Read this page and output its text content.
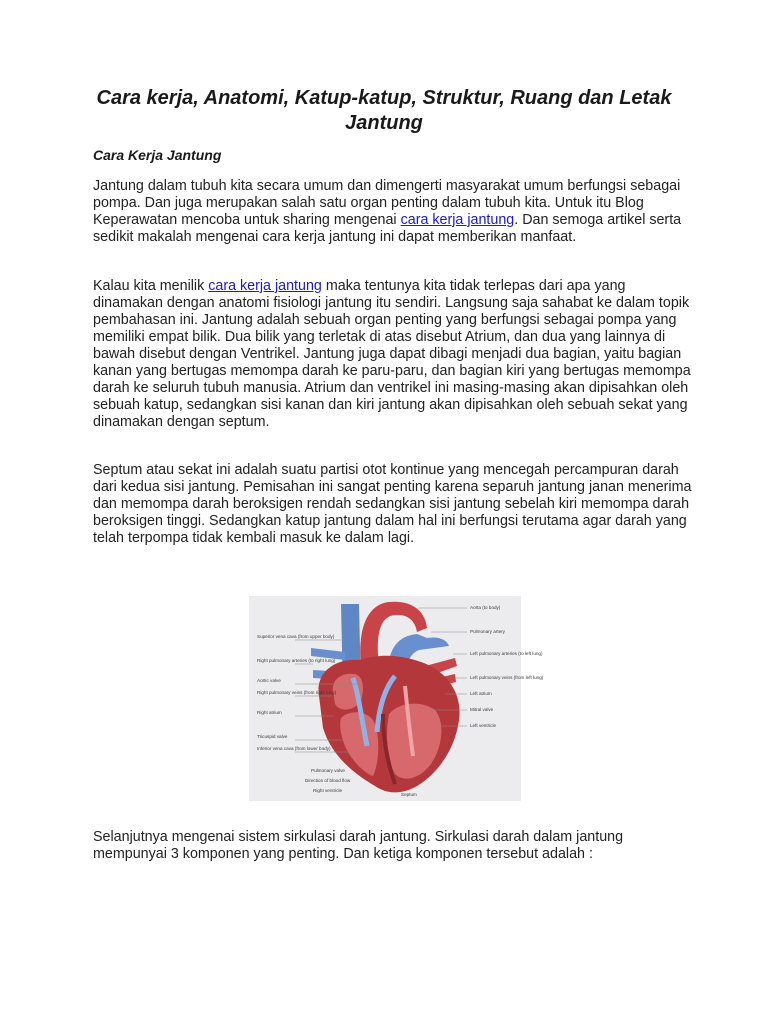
Cara kerja, Anatomi, Katup-katup, Struktur, Ruang dan Letak Jantung
Cara Kerja Jantung

Jantung dalam tubuh kita secara umum dan dimengerti masyarakat umum berfungsi sebagai pompa. Dan juga merupakan salah satu organ penting dalam tubuh kita. Untuk itu Blog Keperawatan mencoba untuk sharing mengenai cara kerja jantung. Dan semoga artikel serta sedikit makalah mengenai cara kerja jantung ini dapat memberikan manfaat.

Kalau kita menilik cara kerja jantung maka tentunya kita tidak terlepas dari apa yang dinamakan dengan anatomi fisiologi jantung itu sendiri. Langsung saja sahabat ke dalam topik pembahasan ini. Jantung adalah sebuah organ penting yang berfungsi sebagai pompa yang memiliki empat bilik. Dua bilik yang terletak di atas disebut Atrium, dan dua yang lainnya di bawah disebut dengan Ventrikel. Jantung juga dapat dibagi menjadi dua bagian, yaitu bagian kanan yang bertugas memompa darah ke paru-paru, dan bagian kiri yang bertugas memompa darah ke seluruh tubuh manusia. Atrium dan ventrikel ini masing-masing akan dipisahkan oleh sebuah katup, sedangkan sisi kanan dan kiri jantung akan dipisahkan oleh sebuah sekat yang dinamakan dengan septum.

Septum atau sekat ini adalah suatu partisi otot kontinue yang mencegah percampuran darah dari kedua sisi jantung. Pemisahan ini sangat penting karena separuh jantung janan menerima dan memompa darah beroksigen rendah sedangkan sisi jantung sebelah kiri memompa darah beroksigen tinggi. Sedangkan katup jantung dalam hal ini berfungsi terutama agar darah yang telah terpompa tidak kembali masuk ke dalam lagi.

Superior vena cava (from upper body)
Right pulmonary arteries (to right lung)
Aortic valve
Right pulmonary veins (from right lung)
Right atrium
Tricuspid valve
Inferior vena cava (from lower body)
Aorta (to body)
Pulmonary artery
Left pulmonary arteries (to left lung)
Left pulmonary veins (from left lung)
Left atrium
Mitral valve
Left ventricle
Pulmonary valve
Direction of blood flow
Right ventricle
Septum

Selanjutnya mengenai sistem sirkulasi darah jantung. Sirkulasi darah dalam jantung mempunyai 3 komponen yang penting. Dan ketiga komponen tersebut adalah :
